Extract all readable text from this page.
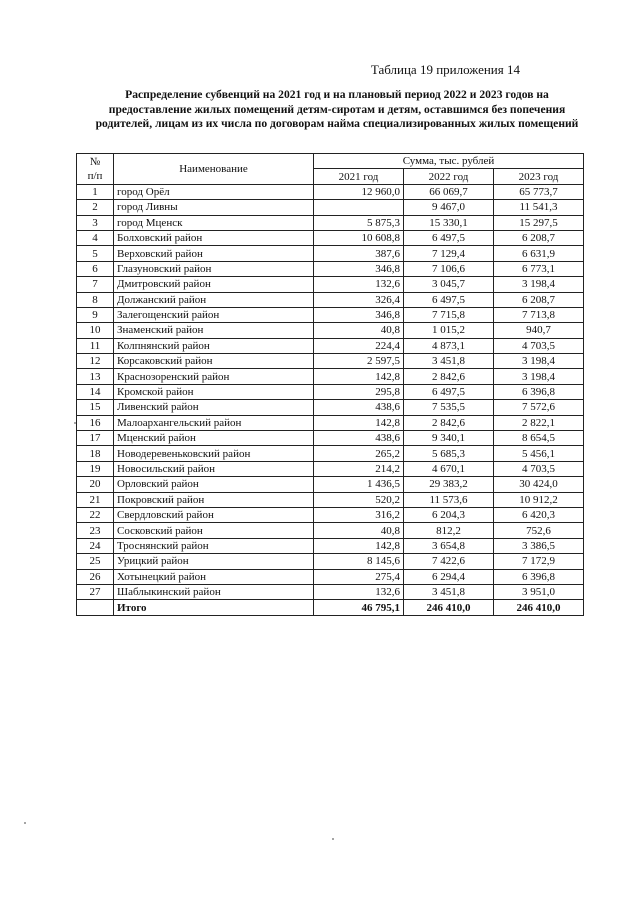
Таблица 19 приложения 14
Распределение субвенций на 2021 год и на плановый период 2022 и 2023 годов на предоставление жилых помещений детям-сиротам и детям, оставшимся без попечения родителей, лицам из их числа по договорам найма специализированных жилых помещений
№
п/п	Наименование	Сумма, тыс. рублей		
		2021 год	2022 год	2023 год
1	город Орёл	12 960,0	66 069,7	65 773,7
2	город Ливны		9 467,0	11 541,3
3	город Мценск	5 875,3	15 330,1	15 297,5
4	Болховский район	10 608,8	6 497,5	6 208,7
5	Верховский район	387,6	7 129,4	6 631,9
6	Глазуновский район	346,8	7 106,6	6 773,1
7	Дмитровский район	132,6	3 045,7	3 198,4
8	Должанский район	326,4	6 497,5	6 208,7
9	Залегощенский район	346,8	7 715,8	7 713,8
10	Знаменский район	40,8	1 015,2	940,7
11	Колпнянский район	224,4	4 873,1	4 703,5
12	Корсаковский район	2 597,5	3 451,8	3 198,4
13	Краснозоренский район	142,8	2 842,6	3 198,4
14	Кромской район	295,8	6 497,5	6 396,8
15	Ливенский район	438,6	7 535,5	7 572,6
16	Малоархангельский район	142,8	2 842,6	2 822,1
17	Мценский район	438,6	9 340,1	8 654,5
18	Новодеревеньковский район	265,2	5 685,3	5 456,1
19	Новосильский район	214,2	4 670,1	4 703,5
20	Орловский район	1 436,5	29 383,2	30 424,0
21	Покровский район	520,2	11 573,6	10 912,2
22	Свердловский район	316,2	6 204,3	6 420,3
23	Сосковский район	40,8	812,2	752,6
24	Троснянский район	142,8	3 654,8	3 386,5
25	Урицкий район	8 145,6	7 422,6	7 172,9
26	Хотынецкий район	275,4	6 294,4	6 396,8
27	Шаблыкинский район	132,6	3 451,8	3 951,0
	Итого	46 795,1	246 410,0	246 410,0
